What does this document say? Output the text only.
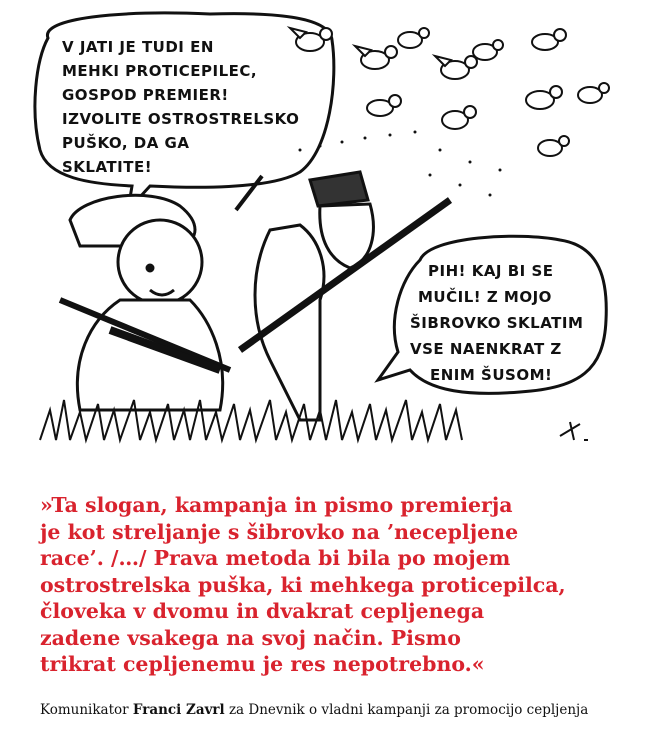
V JATI JE TUDI EN
MEHKI PROTICEPILEC,
GOSPOD PREMIER!
IZVOLITE OSTROSTRELSKO
PUŠKO, DA GA
SKLATITE!
PIH! KAJ BI SE
MUČIL! Z MOJO
ŠIBROVKO SKLATIM
VSE NAENKRAT Z
ENIM ŠUSOM!

»Ta slogan, kampanja in pismo premierja
je kot streljanje s šibrovko na ’necepljene
race’. /…/ Prava metoda bi bila po mojem
ostrostrelska puška, ki mehkega proticepilca,
človeka v dvomu in dvakrat cepljenega
zadene vsakega na svoj način. Pismo
trikrat cepljenemu je res nepotrebno.«

Komunikator Franci Zavrl za Dnevnik o vladni kampanji za promocijo cepljenja
